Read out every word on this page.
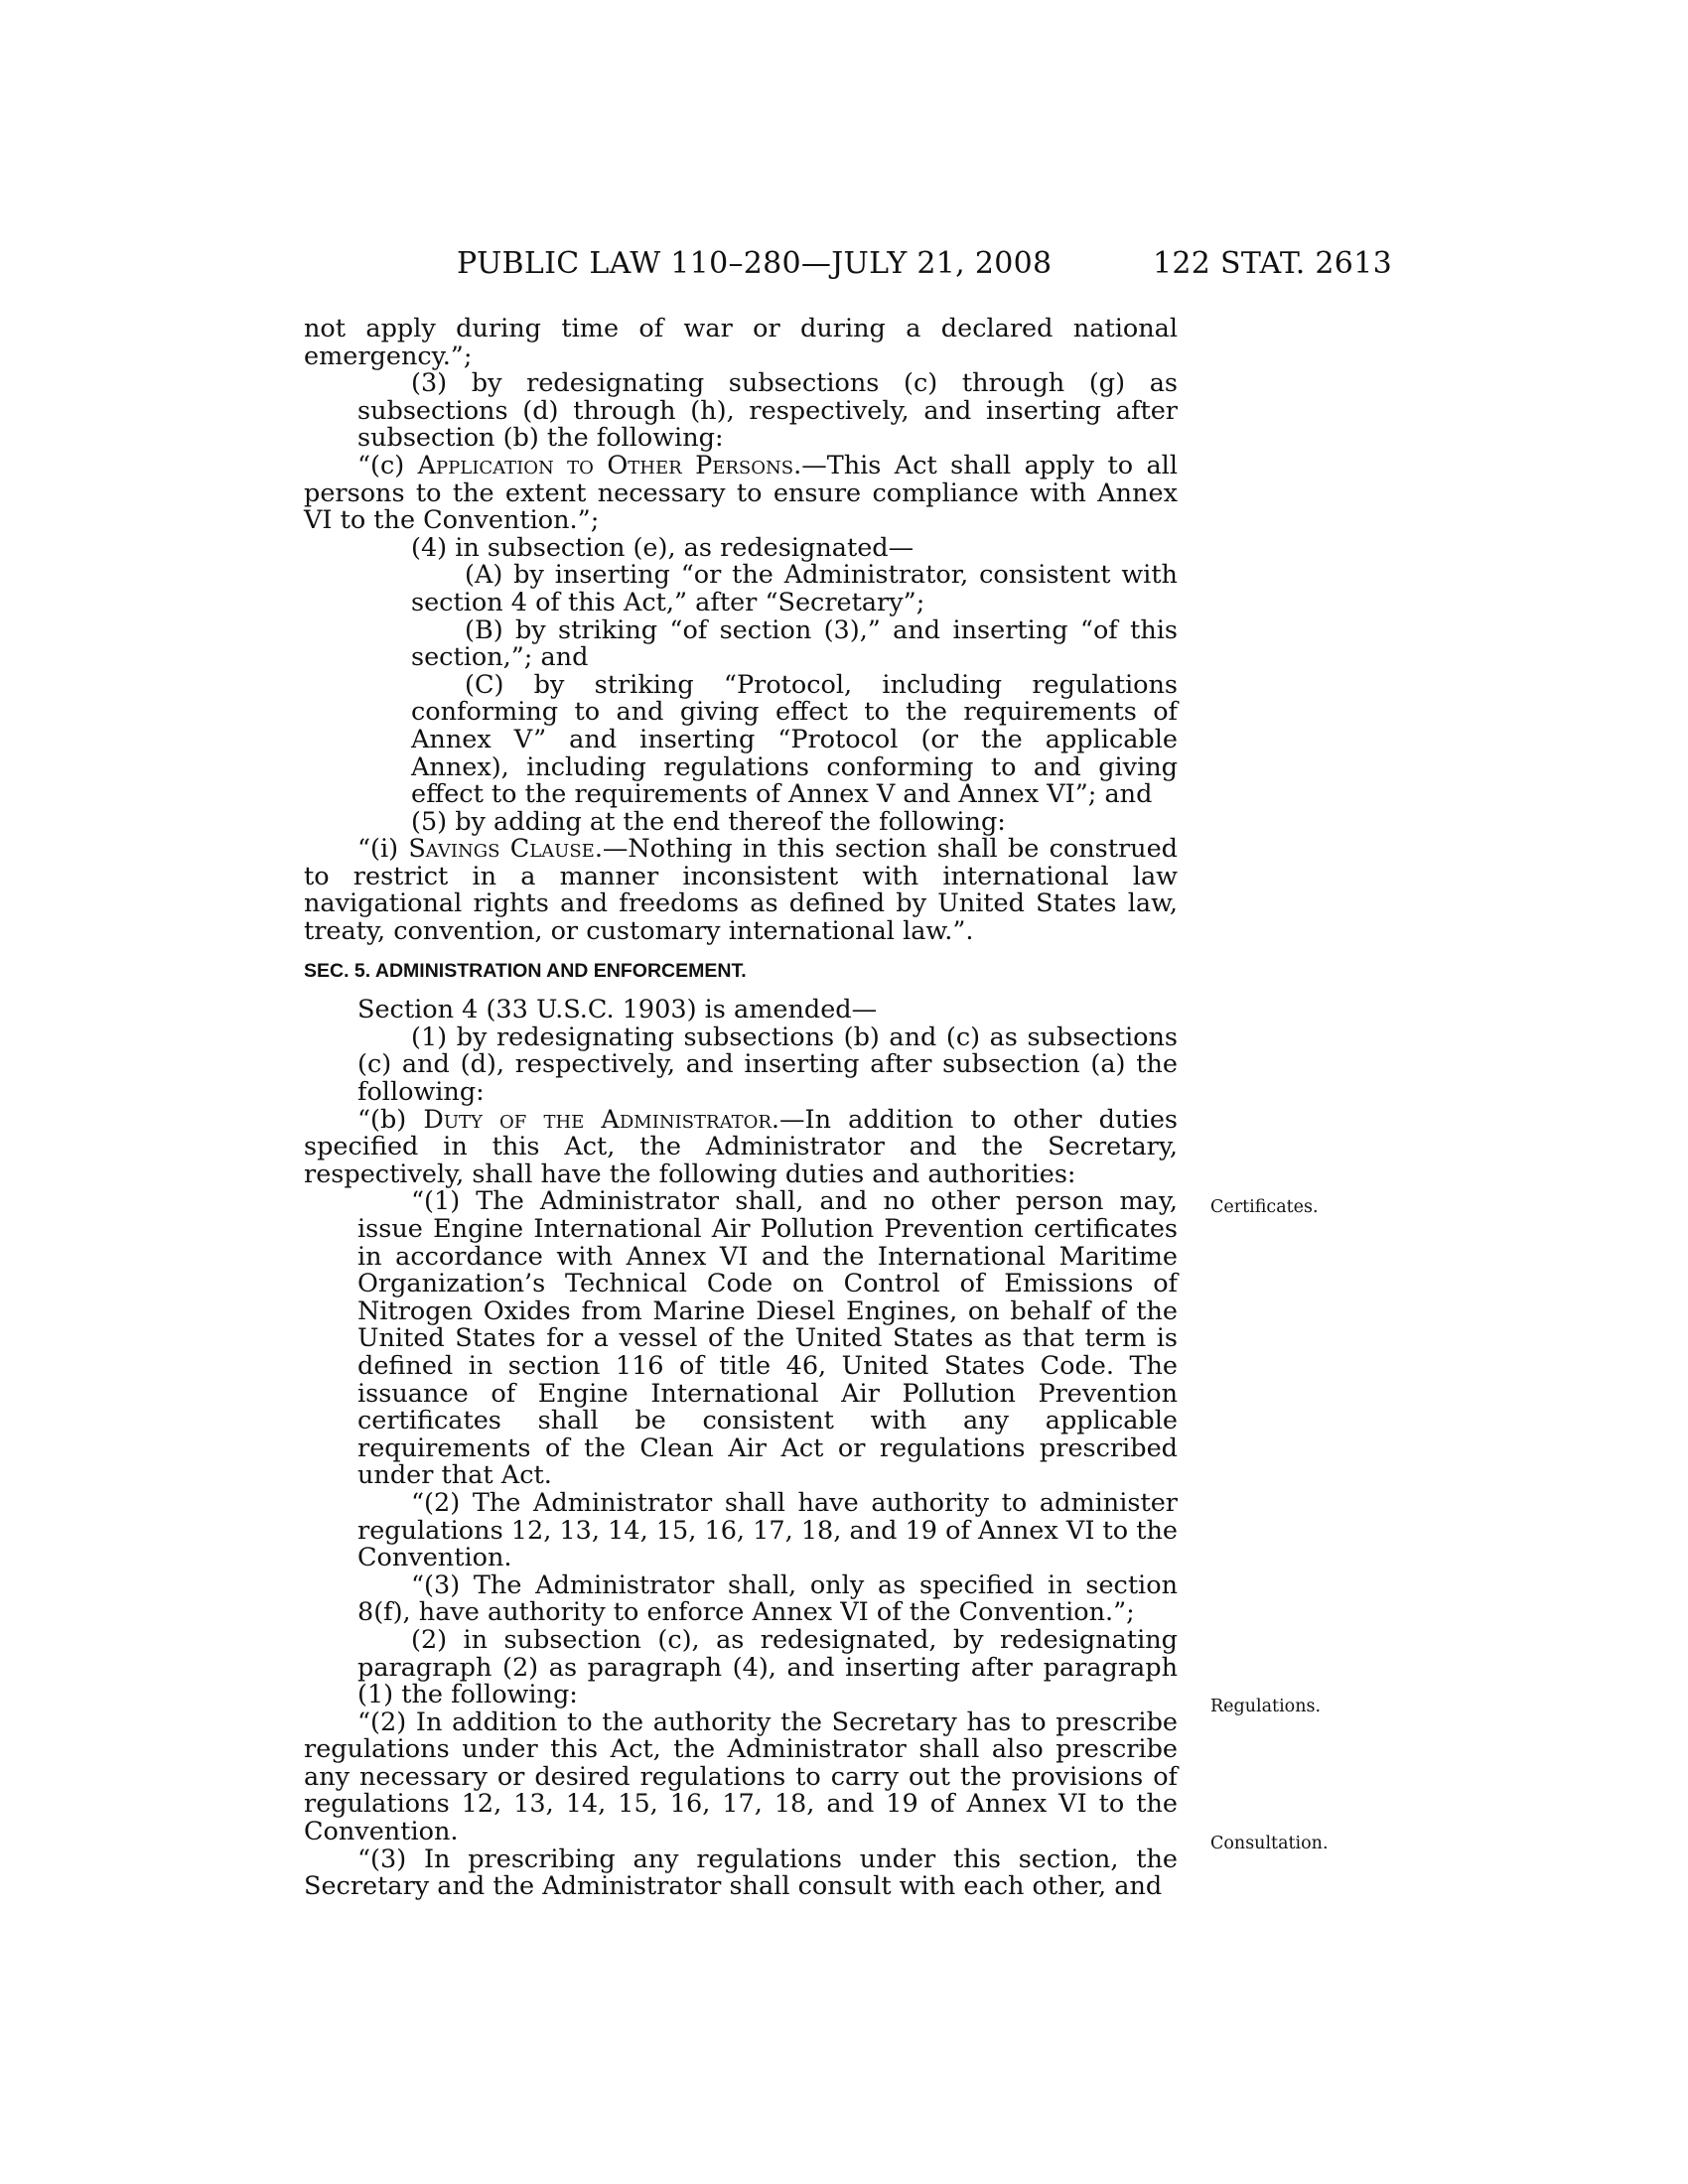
PUBLIC LAW 110–280—JULY 21, 2008	122 STAT. 2613

not apply during time of war or during a declared national emergency.”;

(3) by redesignating subsections (c) through (g) as subsections (d) through (h), respectively, and inserting after subsection (b) the following:

“(c) Application to Other Persons.—This Act shall apply to all persons to the extent necessary to ensure compliance with Annex VI to the Convention.”;

(4) in subsection (e), as redesignated—

(A) by inserting “or the Administrator, consistent with section 4 of this Act,” after “Secretary”;

(B) by striking “of section (3),” and inserting “of this section,”; and

(C) by striking “Protocol, including regulations conforming to and giving effect to the requirements of Annex V” and inserting “Protocol (or the applicable Annex), including regulations conforming to and giving effect to the requirements of Annex V and Annex VI”; and

(5) by adding at the end thereof the following:

“(i) Savings Clause.—Nothing in this section shall be construed to restrict in a manner inconsistent with international law navigational rights and freedoms as defined by United States law, treaty, convention, or customary international law.”.

SEC. 5. ADMINISTRATION AND ENFORCEMENT.

Section 4 (33 U.S.C. 1903) is amended—

(1) by redesignating subsections (b) and (c) as subsections (c) and (d), respectively, and inserting after subsection (a) the following:

“(b) Duty of the Administrator.—In addition to other duties specified in this Act, the Administrator and the Secretary, respectively, shall have the following duties and authorities:

“(1) The Administrator shall, and no other person may, issue Engine International Air Pollution Prevention certificates in accordance with Annex VI and the International Maritime Organization’s Technical Code on Control of Emissions of Nitrogen Oxides from Marine Diesel Engines, on behalf of the United States for a vessel of the United States as that term is defined in section 116 of title 46, United States Code. The issuance of Engine International Air Pollution Prevention certificates shall be consistent with any applicable requirements of the Clean Air Act or regulations prescribed under that Act.

“(2) The Administrator shall have authority to administer regulations 12, 13, 14, 15, 16, 17, 18, and 19 of Annex VI to the Convention.

“(3) The Administrator shall, only as specified in section 8(f), have authority to enforce Annex VI of the Convention.”;

(2) in subsection (c), as redesignated, by redesignating paragraph (2) as paragraph (4), and inserting after paragraph (1) the following:

“(2) In addition to the authority the Secretary has to prescribe regulations under this Act, the Administrator shall also prescribe any necessary or desired regulations to carry out the provisions of regulations 12, 13, 14, 15, 16, 17, 18, and 19 of Annex VI to the Convention.

“(3) In prescribing any regulations under this section, the Secretary and the Administrator shall consult with each other, and

Certificates.
Regulations.
Consultation.
